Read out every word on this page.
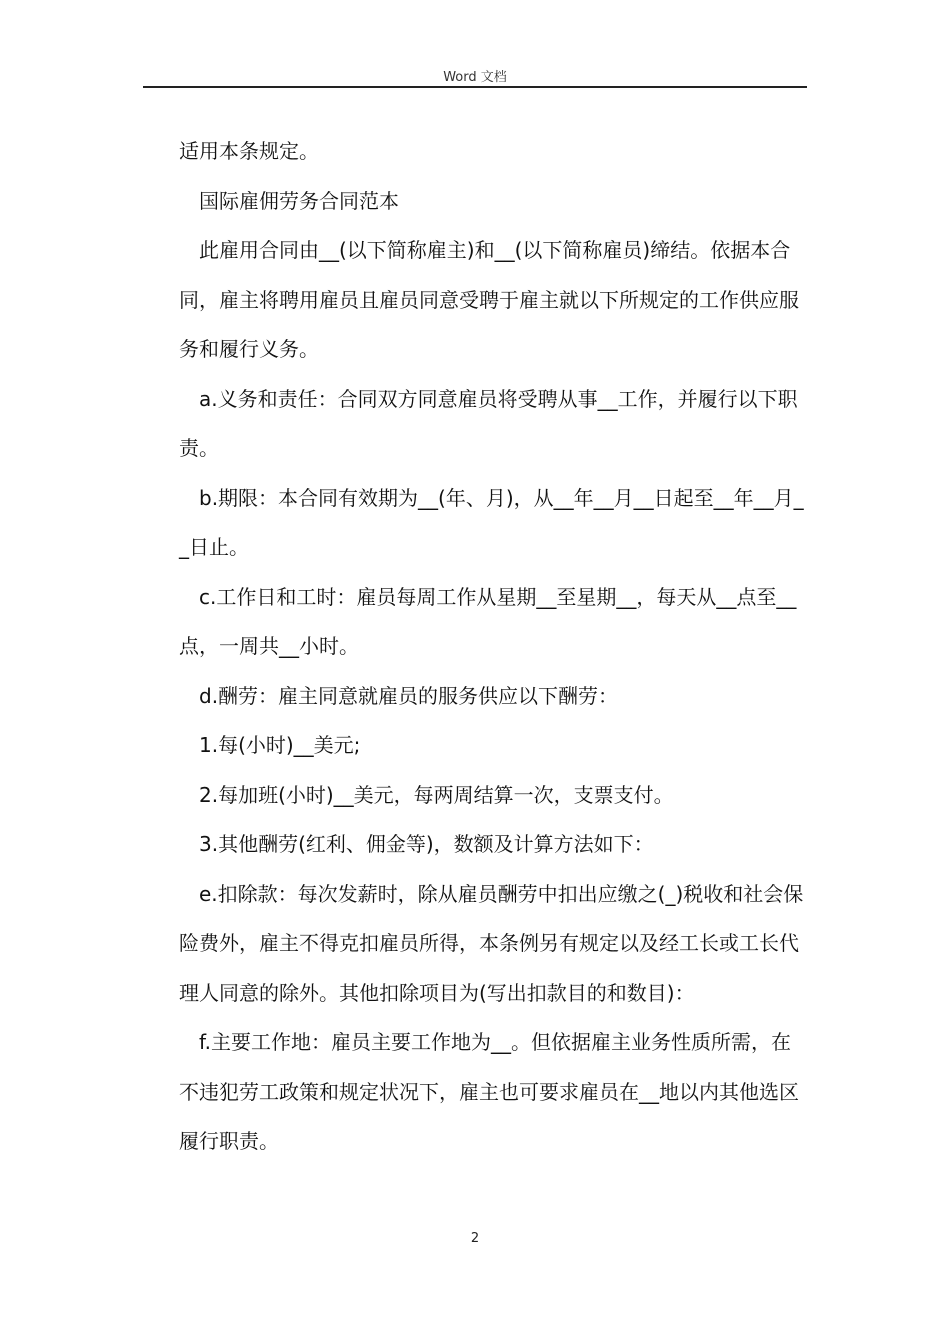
Word 文档

适用本条规定。

国际雇佣劳务合同范本

此雇用合同由__(以下简称雇主)和__(以下简称雇员)缔结。依据本合同，雇主将聘用雇员且雇员同意受聘于雇主就以下所规定的工作供应服务和履行义务。

a.义务和责任：合同双方同意雇员将受聘从事__工作，并履行以下职责。

b.期限：本合同有效期为__(年、月)，从__年__月__日起至__年__月__日止。

c.工作日和工时：雇员每周工作从星期__至星期__，每天从__点至__点，一周共__小时。

d.酬劳：雇主同意就雇员的服务供应以下酬劳：

1.每(小时)__美元;

2.每加班(小时)__美元，每两周结算一次，支票支付。

3.其他酬劳(红利、佣金等)，数额及计算方法如下：

e.扣除款：每次发薪时，除从雇员酬劳中扣出应缴之(_)税收和社会保险费外，雇主不得克扣雇员所得，本条例另有规定以及经工长或工长代理人同意的除外。其他扣除项目为(写出扣款目的和数目)：

f.主要工作地：雇员主要工作地为__。但依据雇主业务性质所需，在不违犯劳工政策和规定状况下，雇主也可要求雇员在__地以内其他选区履行职责。

2
